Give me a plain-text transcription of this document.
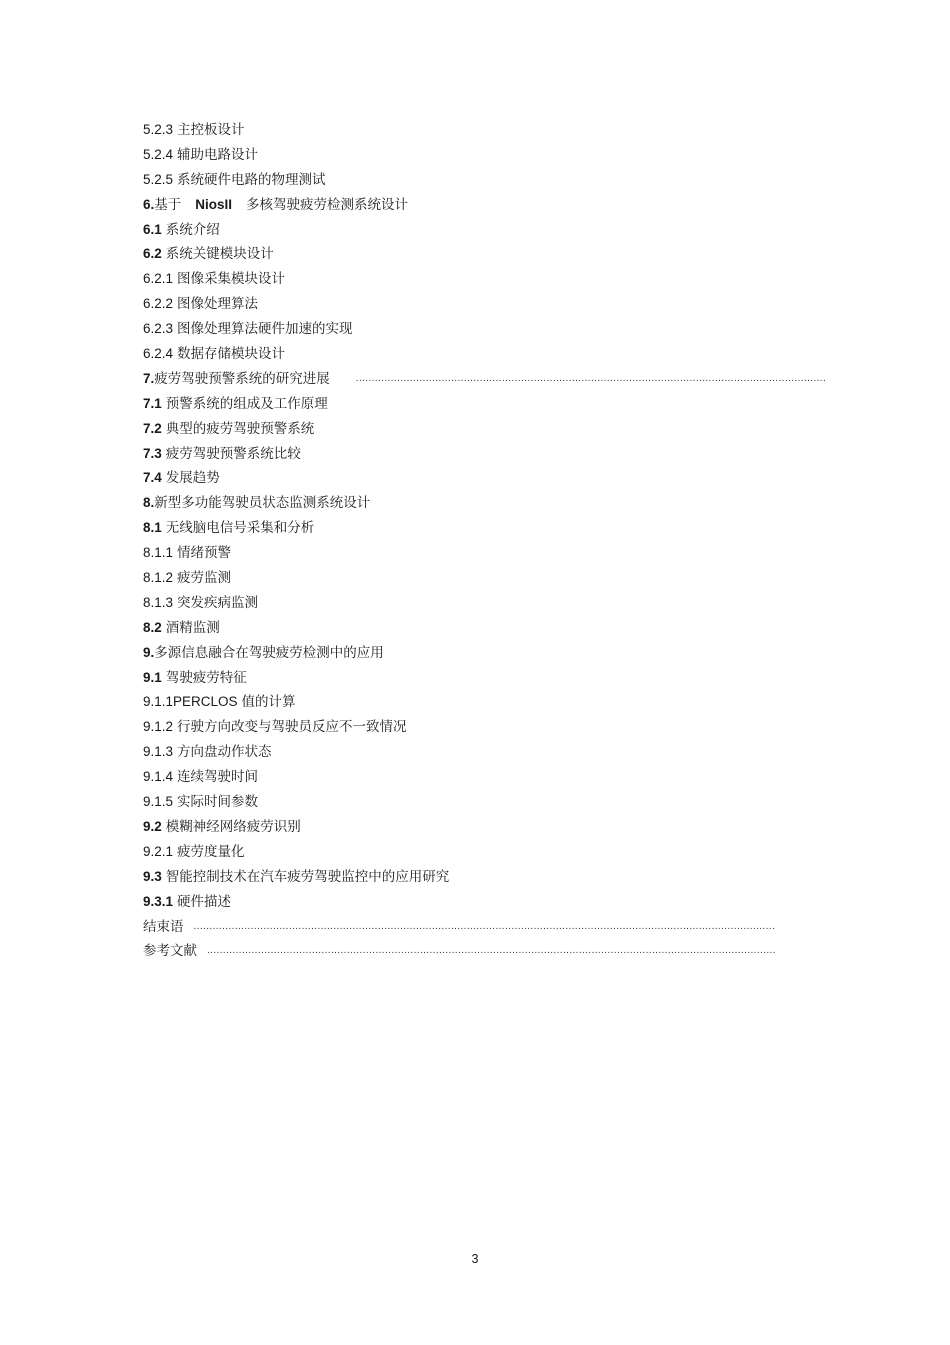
5.2.3 主控板设计
5.2.4 辅助电路设计
5.2.5 系统硬件电路的物理测试
6. 基于 NiosII 多核驾驶疲劳检测系统设计
6.1 系统介绍
6.2 系统关键模块设计
6.2.1 图像采集模块设计
6.2.2 图像处理算法
6.2.3 图像处理算法硬件加速的实现
6.2.4 数据存储模块设计
7. 疲劳驾驶预警系统的研究进展	....................................................................................................................................................
7.1 预警系统的组成及工作原理
7.2 典型的疲劳驾驶预警系统
7.3 疲劳驾驶预警系统比较
7.4 发展趋势
8. 新型多功能驾驶员状态监测系统设计
8.1 无线脑电信号采集和分析
8.1.1 情绪预警
8.1.2 疲劳监测
8.1.3 突发疾病监测
8.2 酒精监测
9. 多源信息融合在驾驶疲劳检测中的应用
9.1 驾驶疲劳特征
9.1.1PERCLOS 值的计算
9.1.2 行驶方向改变与驾驶员反应不一致情况
9.1.3 方向盘动作状态
9.1.4 连续驾驶时间
9.1.5 实际时间参数
9.2 模糊神经网络疲劳识别
9.2.1 疲劳度量化
9.3 智能控制技术在汽车疲劳驾驶监控中的应用研究
9.3.1 硬件描述
结束语 .......................................................................................................................................................................................
参考文献 ...................................................................................................................................................................................
3
